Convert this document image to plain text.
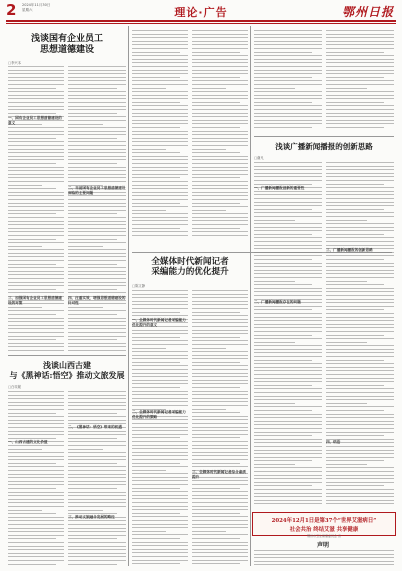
2 2024年11月30日
星期六	理论·广告	鄂州日报
浅谈国有企业员工
思想道德建设
□李兴本
一、国有企业员工思想道德建设的意义
二、当前国有企业员工思想道德建设面临的主要问题
三、加强国有企业员工思想道德建设的对策
四、注重实效，增强思想道德建设的针对性
浅谈山西古建
与《黑神话:悟空》推动文旅发展
□白琰妮
一、山西古建的文化价值
二、《黑神话：悟空》带来的机遇
三、推动文旅融合发展的路径
全媒体时代新闻记者
采编能力的优化提升
□陈文静
一、全媒体时代新闻记者采编能力优化提升的意义
二、全媒体时代新闻记者采编能力优化提升的策略
三、全媒体时代新闻记者综合素质提升
浅谈广播新闻播报的创新思路
□谢凡
一、广播新闻播报创新的重要性
二、广播新闻播报存在的问题
三、广播新闻播报的创新思路
四、结语
2024年12月1日是第37个“世界艾滋病日”
社会共治 终结艾滋 共享健康
鄂州市卫生健康委员会 宣
声明
